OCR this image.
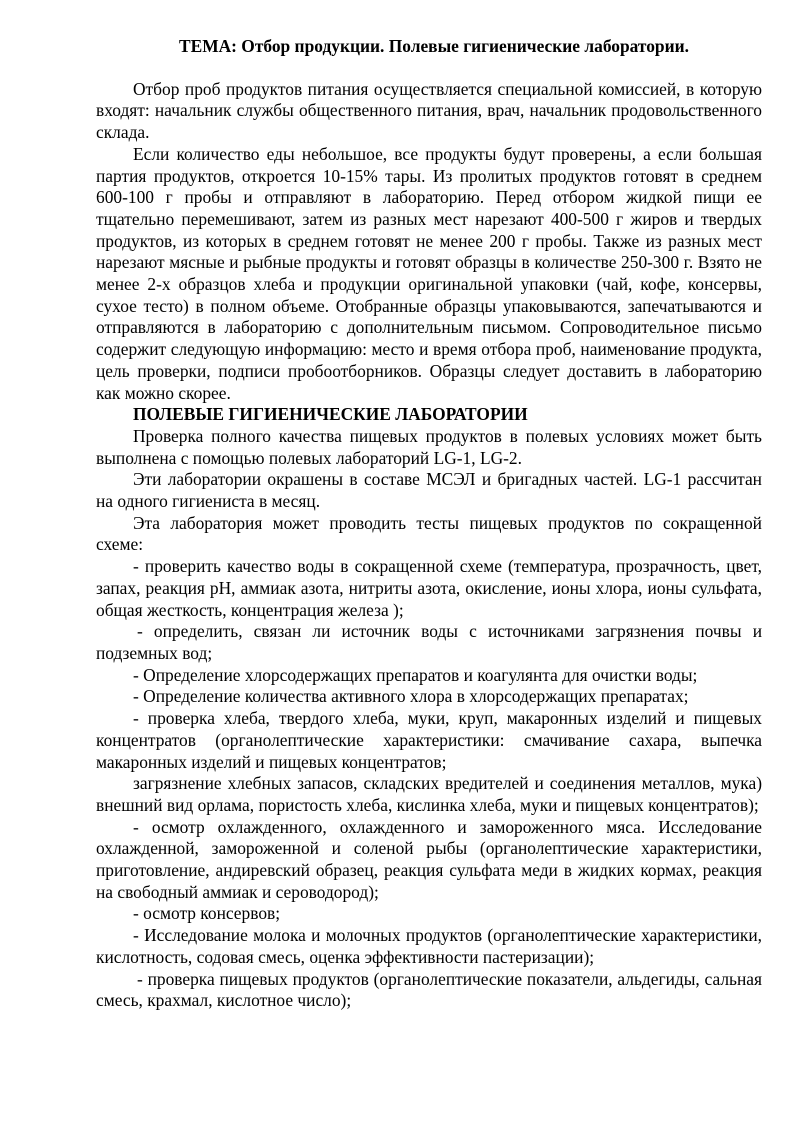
ТЕМА: Отбор продукции. Полевые гигиенические лаборатории.

Отбор проб продуктов питания осуществляется специальной комиссией, в которую входят: начальник службы общественного питания, врач, начальник продовольственного склада.

Если количество еды небольшое, все продукты будут проверены, а если большая партия продуктов, откроется 10-15% тары. Из пролитых продуктов готовят в среднем 600-100 г пробы и отправляют в лабораторию. Перед отбором жидкой пищи ее тщательно перемешивают, затем из разных мест нарезают 400-500 г жиров и твердых продуктов, из которых в среднем готовят не менее 200 г пробы. Также из разных мест нарезают мясные и рыбные продукты и готовят образцы в количестве 250-300 г. Взято не менее 2-х образцов хлеба и продукции оригинальной упаковки (чай, кофе, консервы, сухое тесто) в полном объеме. Отобранные образцы упаковываются, запечатываются и отправляются в лабораторию с дополнительным письмом. Сопроводительное письмо содержит следующую информацию: место и время отбора проб, наименование продукта, цель проверки, подписи пробоотборников. Образцы следует доставить в лабораторию как можно скорее.

ПОЛЕВЫЕ ГИГИЕНИЧЕСКИЕ ЛАБОРАТОРИИ

Проверка полного качества пищевых продуктов в полевых условиях может быть выполнена с помощью полевых лабораторий LG-1, LG-2.

Эти лаборатории окрашены в составе МСЭЛ и бригадных частей. LG-1 рассчитан на одного гигиениста в месяц.

Эта лаборатория может проводить тесты пищевых продуктов по сокращенной схеме:

- проверить качество воды в сокращенной схеме (температура, прозрачность, цвет, запах, реакция pH, аммиак азота, нитриты азота, окисление, ионы хлора, ионы сульфата, общая жесткость, концентрация железа );

- определить, связан ли источник воды с источниками загрязнения почвы и подземных вод;

- Определение хлорсодержащих препаратов и коагулянта для очистки воды;

- Определение количества активного хлора в хлорсодержащих препаратах;

- проверка хлеба, твердого хлеба, муки, круп, макаронных изделий и пищевых концентратов (органолептические характеристики: смачивание сахара, выпечка макаронных изделий и пищевых концентратов;

загрязнение хлебных запасов, складских вредителей и соединения металлов, мука) внешний вид орлама, пористость хлеба, кислинка хлеба, муки и пищевых концентратов);

- осмотр охлажденного, охлажденного и замороженного мяса. Исследование охлажденной, замороженной и соленой рыбы (органолептические характеристики, приготовление, андиревский образец, реакция сульфата меди в жидких кормах, реакция на свободный аммиак и сероводород);

- осмотр консервов;

- Исследование молока и молочных продуктов (органолептические характеристики, кислотность, содовая смесь, оценка эффективности пастеризации);

- проверка пищевых продуктов (органолептические показатели, альдегиды, сальная смесь, крахмал, кислотное число);
